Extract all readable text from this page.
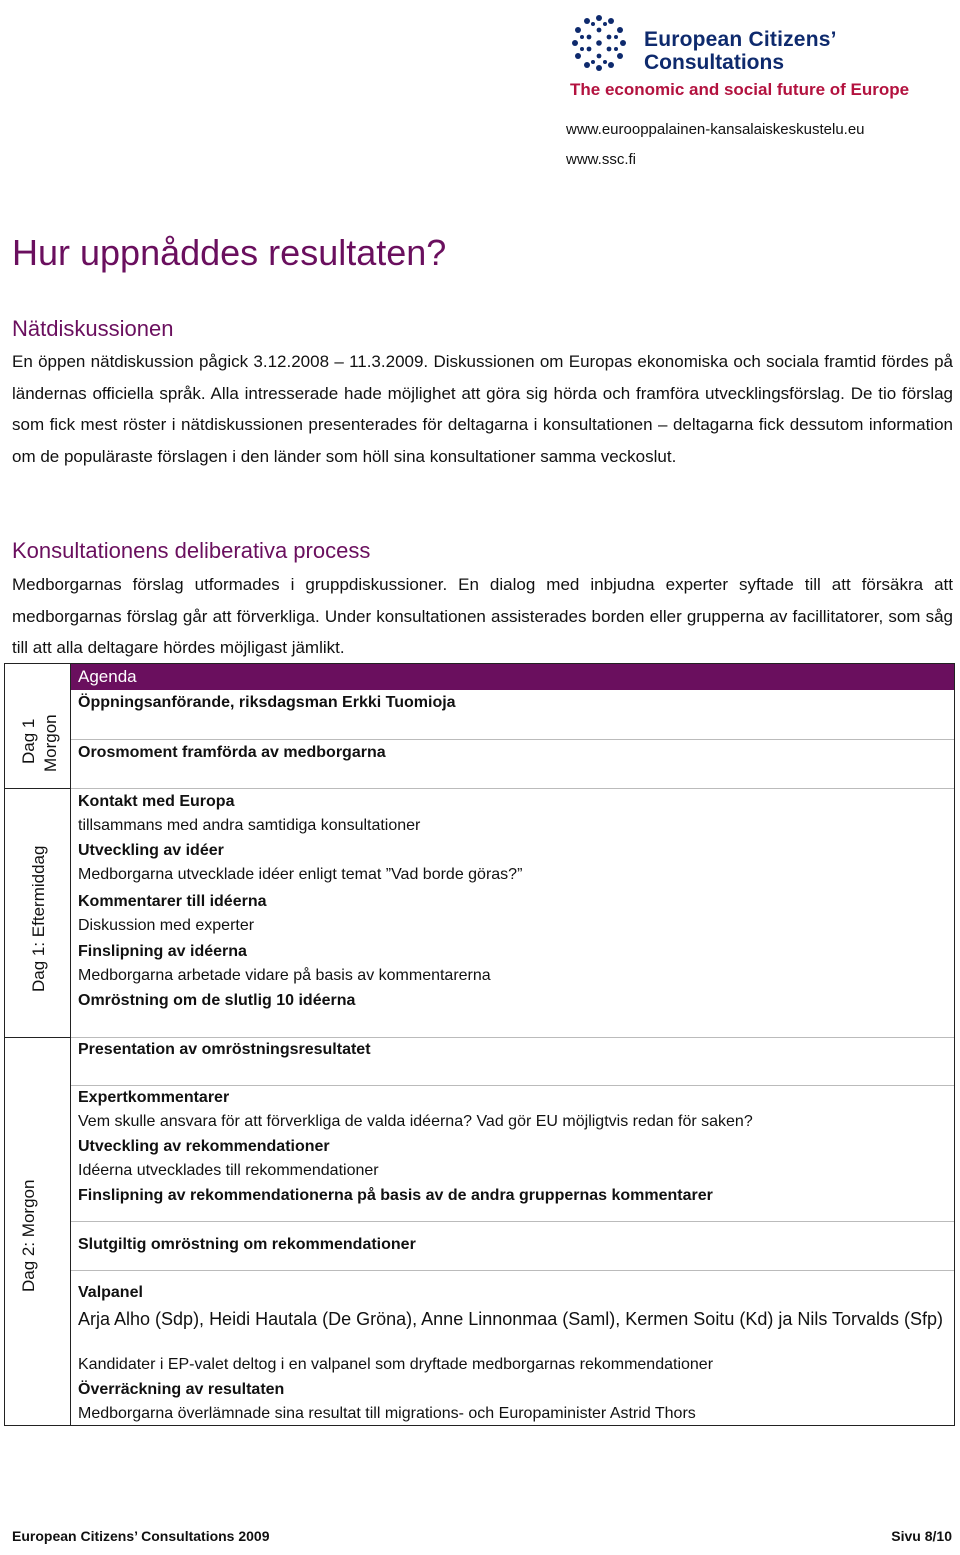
European Citizens’
Consultations
The economic and social future of Europe
www.eurooppalainen-kansalaiskeskustelu.eu
www.ssc.fi
Hur uppnåddes resultaten?
Nätdiskussionen
En öppen nätdiskussion pågick 3.12.2008 – 11.3.2009. Diskussionen om Europas ekonomiska och sociala framtid fördes på ländernas officiella språk. Alla intresserade hade möjlighet att göra sig hörda och framföra utvecklingsförslag. De tio förslag som fick mest röster i nätdiskussionen presenterades för deltagarna i konsultationen – deltagarna fick dessutom information om de populäraste förslagen i den länder som höll sina konsultationer samma veckoslut.
Konsultationens deliberativa process
Medborgarnas förslag utformades i gruppdiskussioner. En dialog med inbjudna experter syftade till att försäkra att medborgarnas förslag går att förverkliga. Under konsultationen assisterades borden eller grupperna av facillitatorer, som såg till att alla deltagare hördes möjligast jämlikt.
Agenda
Dag 1 Morgon
Dag 1: Eftermiddag
Dag 2: Morgon
Öppningsanförande, riksdagsman Erkki Tuomioja
Orosmoment framförda av medborgarna
Kontakt med Europa
tillsammans med andra samtidiga konsultationer
Utveckling av idéer
Medborgarna utvecklade idéer enligt temat ”Vad borde göras?”
Kommentarer till idéerna
Diskussion med experter
Finslipning av idéerna
Medborgarna arbetade vidare på basis av kommentarerna
Omröstning om de slutlig 10 idéerna
Presentation av omröstningsresultatet
Expertkommentarer
Vem skulle ansvara för att förverkliga de valda idéerna? Vad gör EU möjligtvis redan för saken?
Utveckling av rekommendationer
Idéerna utvecklades till rekommendationer
Finslipning av rekommendationerna på basis av de andra gruppernas kommentarer
Slutgiltig omröstning om rekommendationer
Valpanel
Arja Alho (Sdp), Heidi Hautala (De Gröna), Anne Linnonmaa (Saml), Kermen Soitu (Kd) ja Nils Torvalds (Sfp)
Kandidater i EP-valet deltog i en valpanel som dryftade medborgarnas rekommendationer
Överräckning av resultaten
Medborgarna överlämnade sina resultat till migrations- och Europaminister Astrid Thors
European Citizens’ Consultations 2009	Sivu 8/10
